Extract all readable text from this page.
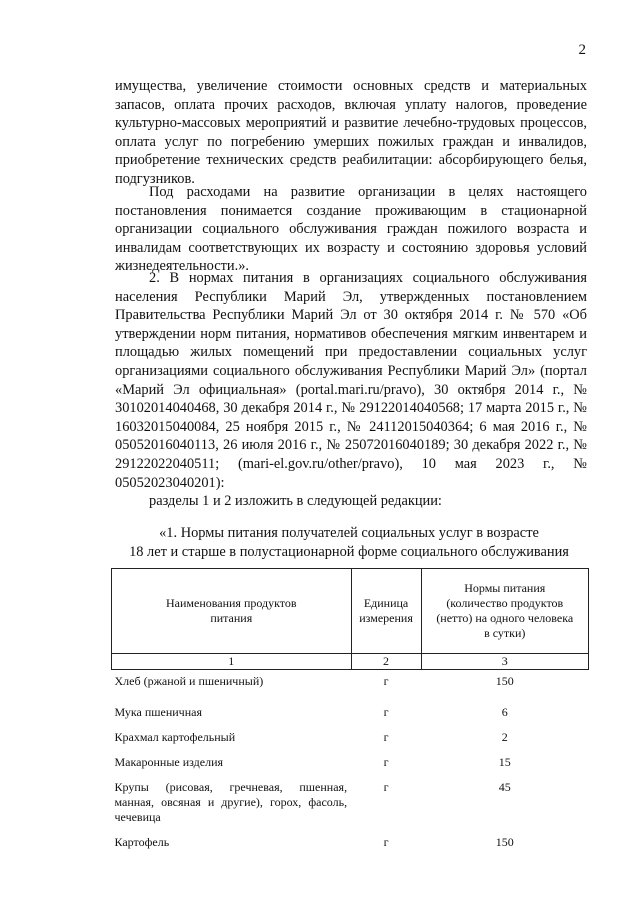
2

имущества, увеличение стоимости основных средств и материальных запасов, оплата прочих расходов, включая уплату налогов, проведение культурно-массовых мероприятий и развитие лечебно-трудовых процессов, оплата услуг по погребению умерших пожилых граждан и инвалидов, приобретение технических средств реабилитации: абсорбирующего белья, подгузников.

Под расходами на развитие организации в целях настоящего постановления понимается создание проживающим в стационарной организации социального обслуживания граждан пожилого возраста и инвалидам соответствующих их возрасту и состоянию здоровья условий жизнедеятельности.».

2. В нормах питания в организациях социального обслуживания населения Республики Марий Эл, утвержденных постановлением Правительства Республики Марий Эл от 30 октября 2014 г. № 570 «Об утверждении норм питания, нормативов обеспечения мягким инвентарем и площадью жилых помещений при предоставлении социальных услуг организациями социального обслуживания Республики Марий Эл» (портал «Марий Эл официальная» (portal.mari.ru/pravo), 30 октября 2014 г., № 30102014040468, 30 декабря 2014 г., № 29122014040568; 17 марта 2015 г., № 16032015040084, 25 ноября 2015 г., № 24112015040364; 6 мая 2016 г., № 05052016040113, 26 июля 2016 г., № 25072016040189; 30 декабря 2022 г., № 29122022040511; (mari-el.gov.ru/other/pravo), 10 мая 2023 г., № 05052023040201):

разделы 1 и 2 изложить в следующей редакции:

«1. Нормы питания получателей социальных услуг в возрасте
18 лет и старше в полустационарной форме социального обслуживания
Наименования продуктов питания	Единица измерения	Нормы питания (количество продуктов (нетто) на одного человека в сутки)

1	2	3
Хлеб (ржаной и пшеничный)	г	150
Мука пшеничная	г	6
Крахмал картофельный	г	2
Макаронные изделия	г	15
Крупы (рисовая, гречневая, пшенная, манная, овсяная и другие), горох, фасоль, чечевица	г	45
Картофель	г	150
